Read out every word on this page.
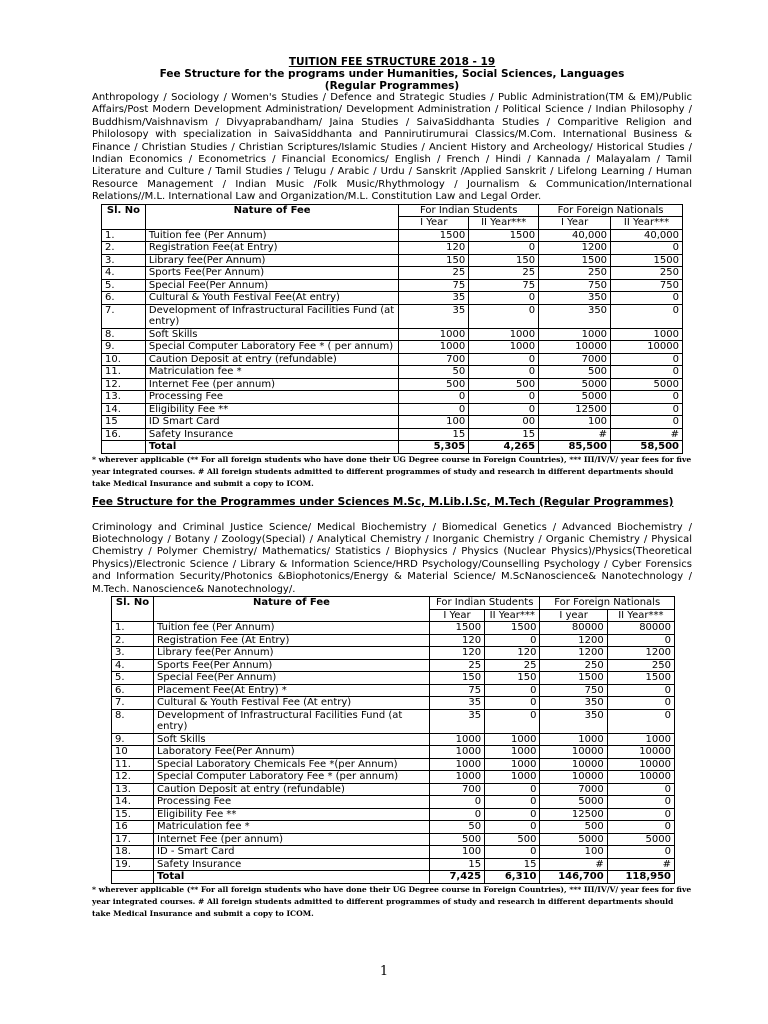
TUITION FEE STRUCTURE 2018 - 19
Fee Structure for the programs under Humanities, Social Sciences, Languages
(Regular Programmes)

Anthropology / Sociology / Women's Studies / Defence and Strategic Studies / Public Administration(TM & EM)/Public Affairs/Post Modern Development Administration/ Development Administration / Political Science / Indian Philosophy / Buddhism/Vaishnavism / Divyaprabandham/ Jaina Studies / SaivaSiddhanta Studies / Comparitive Religion and Philolosopy with specialization in SaivaSiddhanta and Pannirutirumurai Classics/M.Com. International Business & Finance / Christian Studies / Christian Scriptures/Islamic Studies / Ancient History and Archeology/ Historical Studies / Indian Economics / Econometrics / Financial Economics/ English / French / Hindi / Kannada / Malayalam / Tamil Literature and Culture / Tamil Studies / Telugu / Arabic / Urdu / Sanskrit /Applied Sanskrit / Lifelong Learning / Human Resource Management / Indian Music /Folk Music/Rhythmology / Journalism & Communication/International Relations//M.L. International Law and Organization/M.L. Constitution Law and Legal Order.

Sl. No	Nature of Fee	For Indian Students		For Foreign Nationals	
		I Year	II Year***	I Year	II Year***
1.	Tuition fee (Per Annum)	1500	1500	40,000	40,000
2.	Registration Fee(at Entry)	120	0	1200	0
3.	Library fee(Per Annum)	150	150	1500	1500
4.	Sports Fee(Per Annum)	25	25	250	250
5.	Special Fee(Per Annum)	75	75	750	750
6.	Cultural & Youth Festival Fee(At entry)	35	0	350	0
7.	Development of Infrastructural Facilities Fund (at entry)	35	0	350	0
8.	Soft Skills	1000	1000	1000	1000
9.	Special Computer Laboratory Fee * ( per annum)	1000	1000	10000	10000
10.	Caution Deposit at entry (refundable)	700	0	7000	0
11.	Matriculation fee *	50	0	500	0
12.	Internet Fee (per annum)	500	500	5000	5000
13.	Processing Fee	0	0	5000	0
14.	Eligibility Fee **	0	0	12500	0
15	ID Smart Card	100	00	100	0
16.	Safety Insurance	15	15	#	#
	Total	5,305	4,265	85,500	58,500

* wherever applicable (** For all foreign students who have done their UG Degree course in Foreign Countries), *** III/IV/V/ year fees for five year integrated courses. # All foreign students admitted to different programmes of study and research in different departments should take Medical Insurance and submit a copy to ICOM.

Fee Structure for the Programmes under Sciences M.Sc, M.Lib.I.Sc, M.Tech (Regular Programmes)

Criminology and Criminal Justice Science/ Medical Biochemistry / Biomedical Genetics / Advanced Biochemistry / Biotechnology / Botany / Zoology(Special) / Analytical Chemistry / Inorganic Chemistry / Organic Chemistry / Physical Chemistry / Polymer Chemistry/ Mathematics/ Statistics / Biophysics / Physics (Nuclear Physics)/Physics(Theoretical Physics)/Electronic Science / Library & Information Science/HRD Psychology/Counselling Psychology / Cyber Forensics and Information Security/Photonics &Biophotonics/Energy & Material Science/ M.ScNanoscience& Nanotechnology / M.Tech. Nanoscience& Nanotechnology/.

Sl. No	Nature of Fee	For Indian Students		For Foreign Nationals	
		I Year	II Year***	I year	II Year***
1.	Tuition fee (Per Annum)	1500	1500	80000	80000
2.	Registration Fee (At Entry)	120	0	1200	0
3.	Library fee(Per Annum)	120	120	1200	1200
4.	Sports Fee(Per Annum)	25	25	250	250
5.	Special Fee(Per Annum)	150	150	1500	1500
6.	Placement Fee(At Entry) *	75	0	750	0
7.	Cultural & Youth Festival Fee (At entry)	35	0	350	0
8.	Development of Infrastructural Facilities Fund (at entry)	35	0	350	0
9.	Soft Skills	1000	1000	1000	1000
10	Laboratory Fee(Per Annum)	1000	1000	10000	10000
11.	Special Laboratory Chemicals Fee *(per Annum)	1000	1000	10000	10000
12.	Special Computer Laboratory Fee * (per annum)	1000	1000	10000	10000
13.	Caution Deposit at entry (refundable)	700	0	7000	0
14.	Processing Fee	0	0	5000	0
15.	Eligibility Fee **	0	0	12500	0
16	Matriculation fee *	50	0	500	0
17.	Internet Fee (per annum)	500	500	5000	5000
18.	ID - Smart Card	100	0	100	0
19.	Safety Insurance	15	15	#	#
	Total	7,425	6,310	146,700	118,950

* wherever applicable (** For all foreign students who have done their UG Degree course in Foreign Countries), *** III/IV/V/ year fees for five year integrated courses. # All foreign students admitted to different programmes of study and research in different departments should take Medical Insurance and submit a copy to ICOM.

1
